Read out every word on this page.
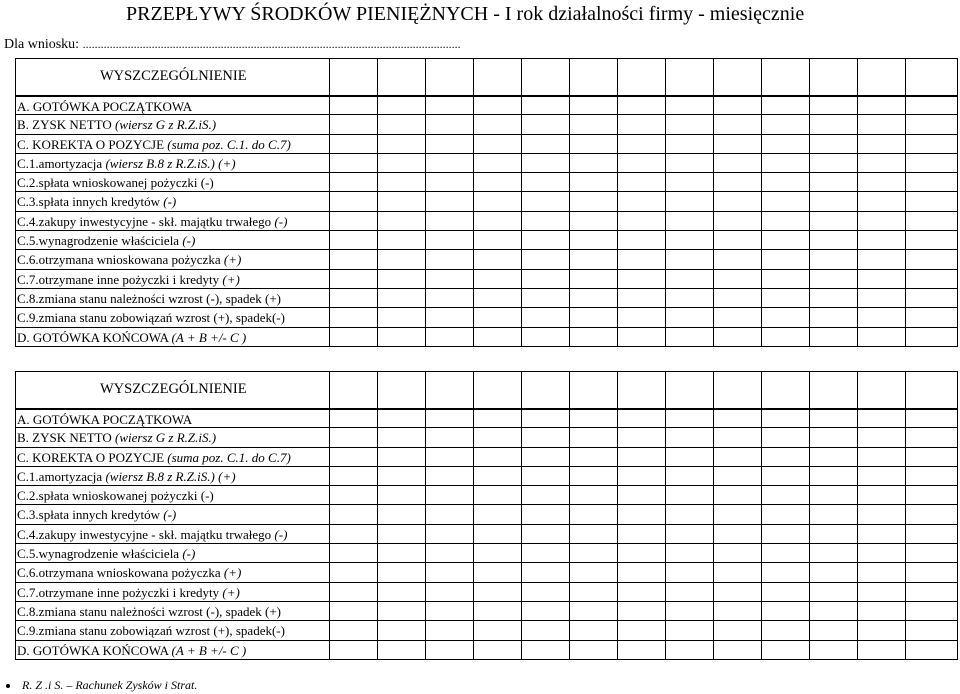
PRZEPŁYWY ŚRODKÓW PIENIĘŻNYCH - I rok działalności firmy - miesięcznie
Dla wniosku: ..............................................................................................................................
WYSZCZEGÓLNIENIE
A. GOTÓWKA POCZĄTKOWA
B. ZYSK NETTO (wiersz G z R.Z.iS.)
C. KOREKTA O POZYCJE (suma poz. C.1. do C.7)
C.1.amortyzacja (wiersz B.8 z R.Z.iS.) (+)
C.2.spłata wnioskowanej pożyczki (-)
C.3.spłata innych kredytów (-)
C.4.zakupy inwestycyjne - skł. majątku trwałego (-)
C.5.wynagrodzenie właściciela (-)
C.6.otrzymana wnioskowana pożyczka (+)
C.7.otrzymane inne pożyczki i kredyty (+)
C.8.zmiana stanu należności wzrost (-), spadek (+)
C.9.zmiana stanu zobowiązań wzrost (+), spadek(-)
D. GOTÓWKA KOŃCOWA (A + B +/- C )
WYSZCZEGÓLNIENIE
A. GOTÓWKA POCZĄTKOWA
B. ZYSK NETTO (wiersz G z R.Z.iS.)
C. KOREKTA O POZYCJE (suma poz. C.1. do C.7)
C.1.amortyzacja (wiersz B.8 z R.Z.iS.) (+)
C.2.spłata wnioskowanej pożyczki (-)
C.3.spłata innych kredytów (-)
C.4.zakupy inwestycyjne - skł. majątku trwałego (-)
C.5.wynagrodzenie właściciela (-)
C.6.otrzymana wnioskowana pożyczka (+)
C.7.otrzymane inne pożyczki i kredyty (+)
C.8.zmiana stanu należności wzrost (-), spadek (+)
C.9.zmiana stanu zobowiązań wzrost (+), spadek(-)
D. GOTÓWKA KOŃCOWA (A + B +/- C )
R. Z .i S. – Rachunek Zysków i Strat.
